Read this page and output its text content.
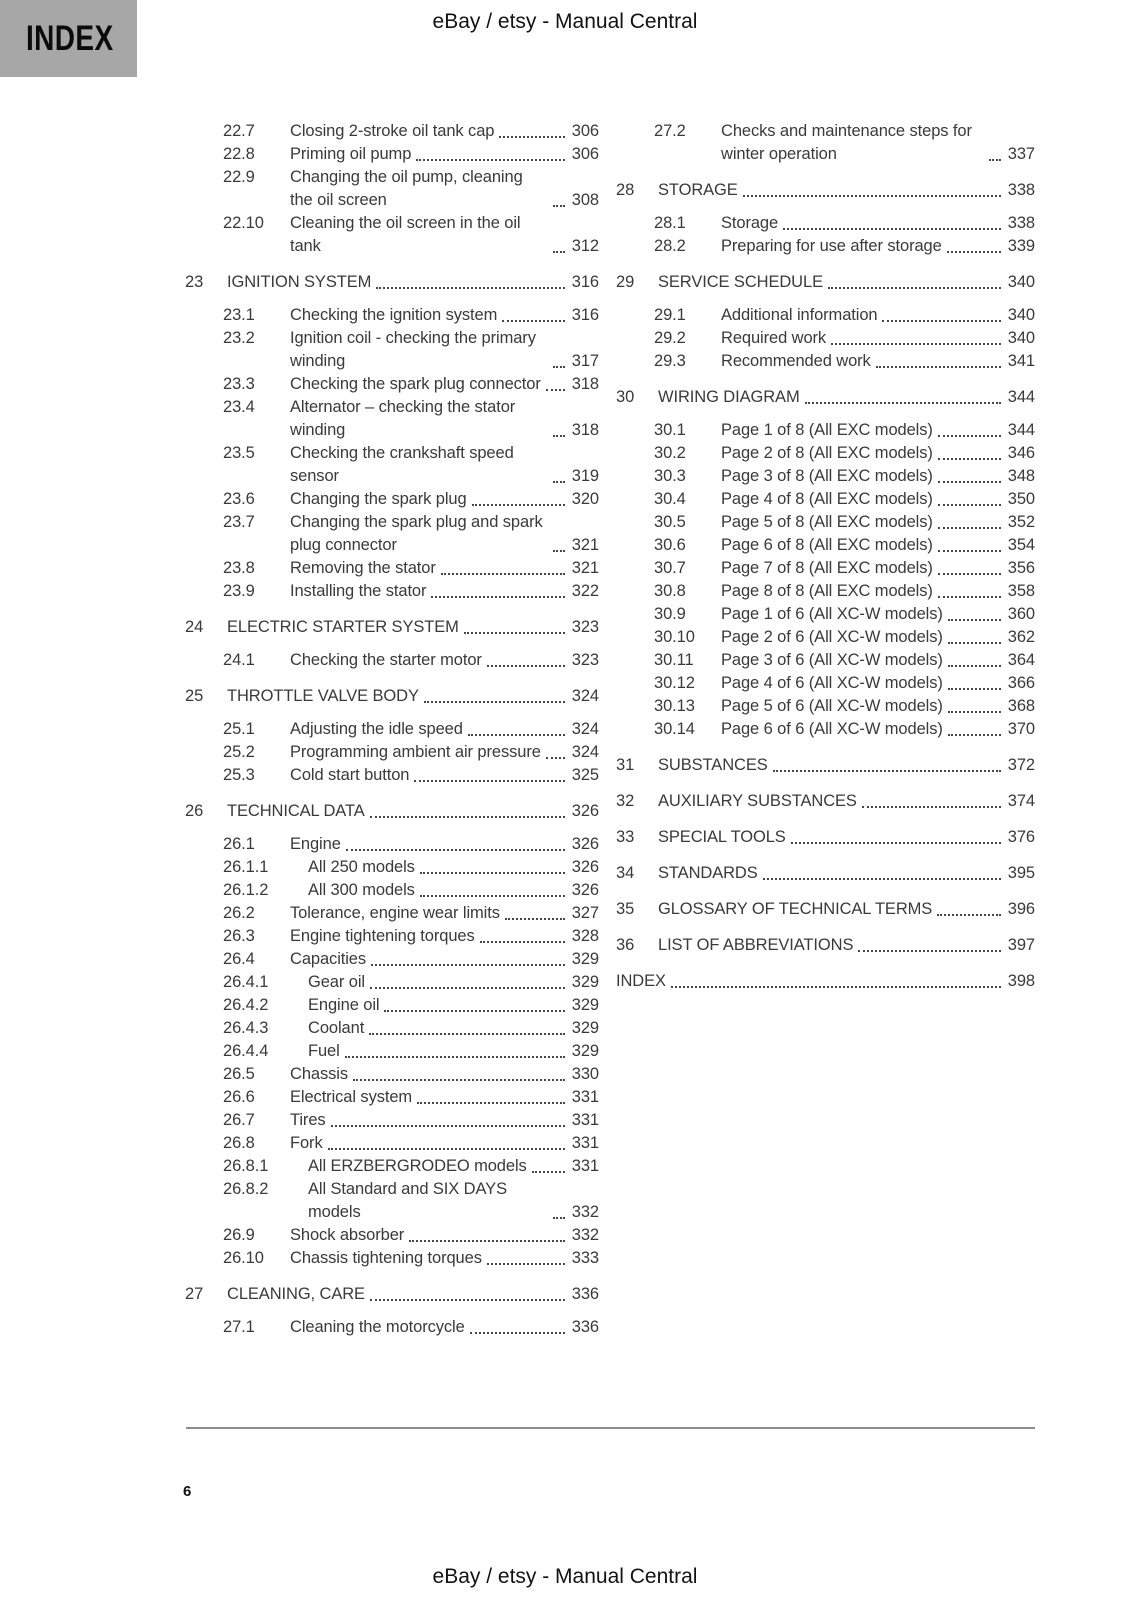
INDEX	eBay / etsy - Manual Central
22.7	Closing 2-stroke oil tank cap	306
22.8	Priming oil pump	306
22.9	Changing the oil pump, cleaning the oil screen	308
22.10	Cleaning the oil screen in the oil tank	312
23	IGNITION SYSTEM	316
23.1	Checking the ignition system	316
23.2	Ignition coil - checking the primary winding	317
23.3	Checking the spark plug connector 318
23.4	Alternator – checking the stator winding	318
23.5	Checking the crankshaft speed sensor	319
23.6	Changing the spark plug	320
23.7	Changing the spark plug and spark plug connector	321
23.8	Removing the stator	321
23.9	Installing the stator	322
24	ELECTRIC STARTER SYSTEM	323
24.1	Checking the starter motor	323
25	THROTTLE VALVE BODY	324
25.1	Adjusting the idle speed	324
25.2	Programming ambient air pressure 324
25.3	Cold start button	325
26	TECHNICAL DATA	326
26.1	Engine	326
26.1.1	All 250 models	326
26.1.2	All 300 models	326
26.2	Tolerance, engine wear limits	327
26.3	Engine tightening torques	328
26.4	Capacities	329
26.4.1	Gear oil	329
26.4.2	Engine oil	329
26.4.3	Coolant	329
26.4.4	Fuel	329
26.5	Chassis	330
26.6	Electrical system	331
26.7	Tires	331
26.8	Fork	331
26.8.1	All ERZBERGRODEO models	331
26.8.2	All Standard and SIX DAYS models	332
26.9	Shock absorber	332
26.10	Chassis tightening torques	333
27	CLEANING, CARE	336
27.1	Cleaning the motorcycle	336
27.2	Checks and maintenance steps for winter operation	337
28	STORAGE	338
28.1	Storage	338
28.2	Preparing for use after storage	339
29	SERVICE SCHEDULE	340
29.1	Additional information	340
29.2	Required work	340
29.3	Recommended work	341
30	WIRING DIAGRAM	344
30.1	Page 1 of 8 (All EXC models)	344
30.2	Page 2 of 8 (All EXC models)	346
30.3	Page 3 of 8 (All EXC models)	348
30.4	Page 4 of 8 (All EXC models)	350
30.5	Page 5 of 8 (All EXC models)	352
30.6	Page 6 of 8 (All EXC models)	354
30.7	Page 7 of 8 (All EXC models)	356
30.8	Page 8 of 8 (All EXC models)	358
30.9	Page 1 of 6 (All XC-W models)	360
30.10	Page 2 of 6 (All XC-W models)	362
30.11	Page 3 of 6 (All XC-W models)	364
30.12	Page 4 of 6 (All XC-W models)	366
30.13	Page 5 of 6 (All XC-W models)	368
30.14	Page 6 of 6 (All XC-W models)	370
31	SUBSTANCES	372
32	AUXILIARY SUBSTANCES	374
33	SPECIAL TOOLS	376
34	STANDARDS	395
35	GLOSSARY OF TECHNICAL TERMS	396
36	LIST OF ABBREVIATIONS	397
INDEX	398
6
eBay / etsy - Manual Central
